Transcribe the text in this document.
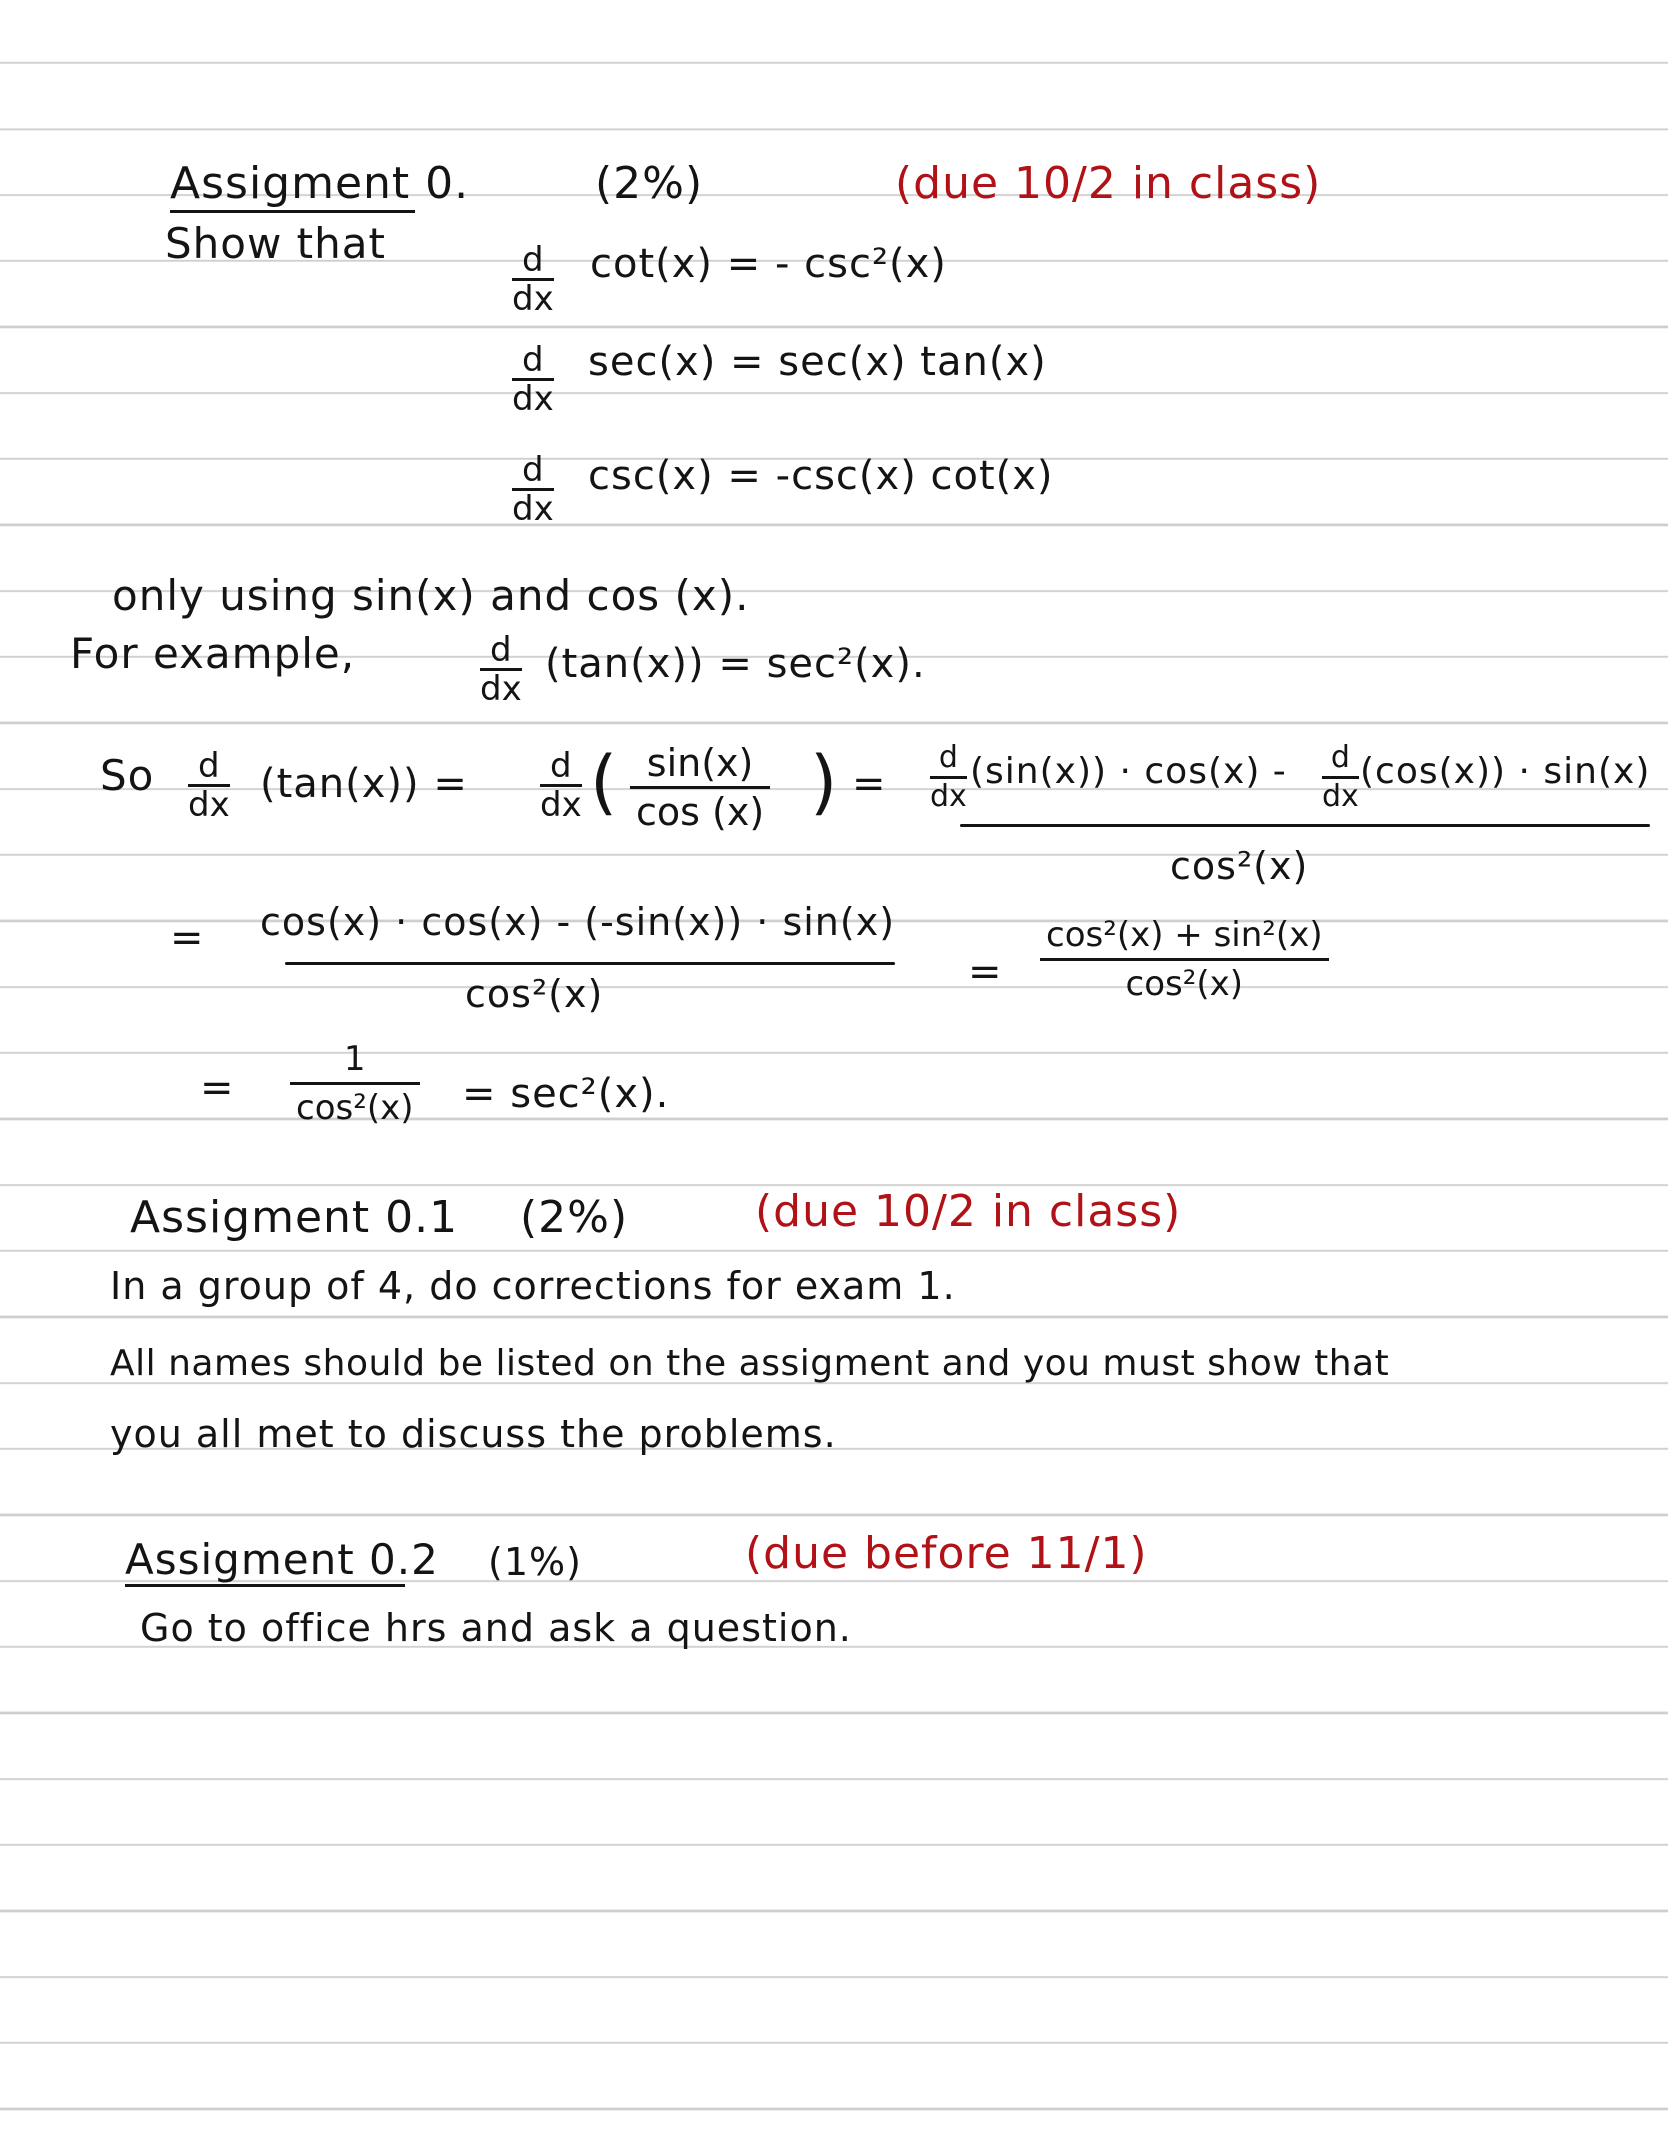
Assigment 0.	(2%)	(due 10/2 in class)
Show that	d
dx
cot(x) = - csc²(x)
d
dx
sec(x) = sec(x) tan(x)
d
dx
csc(x) = -csc(x) cot(x)
only using sin(x) and cos (x).
For example,	d
dx
(tan(x)) = sec²(x).
So d
dx (tan(x)) = d
dx ( sin(x)
cos (x) ) =
d
dx
(sin(x)) · cos(x) - d
dx
(cos(x)) · sin(x)
cos²(x)
= cos(x) · cos(x) - (-sin(x)) · sin(x)
cos²(x)	=
cos²(x) + sin²(x)
cos²(x)
=
1
cos²(x) = sec²(x).
Assigment 0.1 (2%)	(due 10/2 in class)
In a group of 4, do corrections for exam 1.
All names should be listed on the assigment and you must show that
you all met to discuss the problems.
Assigment 0.2 (1%)	(due before 11/1)
Go to office hrs and ask a question.
